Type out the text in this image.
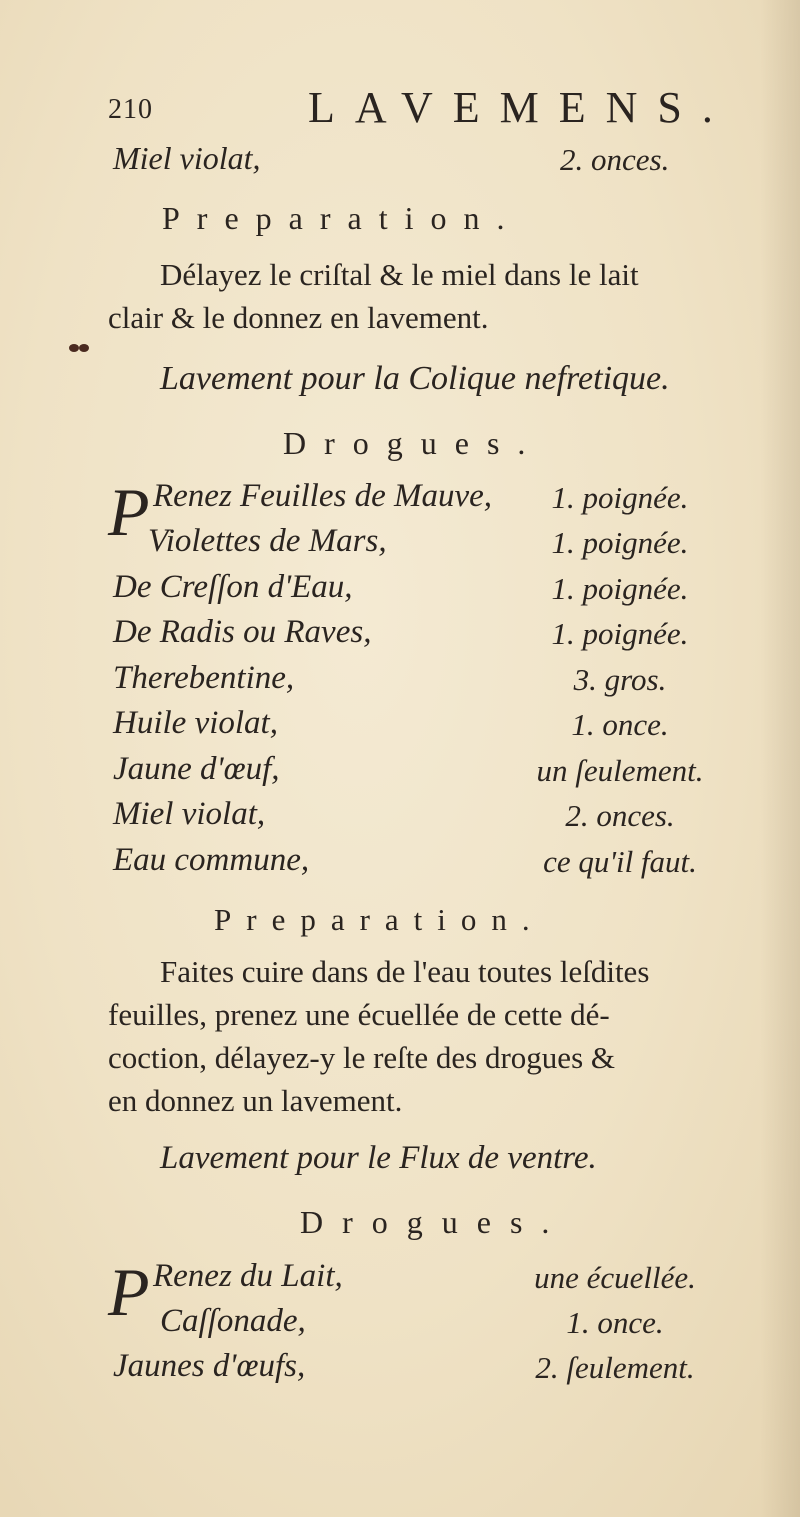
210	LAVEMENS.
Miel violat,	2. onces.
Preparation.
Délayez le criſtal & le miel dans le lait
clair & le donnez en lavement.
Lavement pour la Colique nefretique.
Drogues.
P Renez Feuilles de Mauve,	1. poignée.
Violettes de Mars,	1. poignée.
De Creſſon d'Eau,	1. poignée.
De Radis ou Raves,	1. poignée.
Therebentine,	3. gros.
Huile violat,	1. once.
Jaune d'œuf,	un ſeulement.
Miel violat,	2. onces.
Eau commune,	ce qu'il faut.
Preparation.
Faites cuire dans de l'eau toutes leſdites
feuilles, prenez une écuellée de cette dé-
coction, délayez-y le reſte des drogues &
en donnez un lavement.
Lavement pour le Flux de ventre.
Drogues.
P Renez du Lait,	une écuellée.
Caſſonade,	1. once.
Jaunes d'œufs,	2. ſeulement.
